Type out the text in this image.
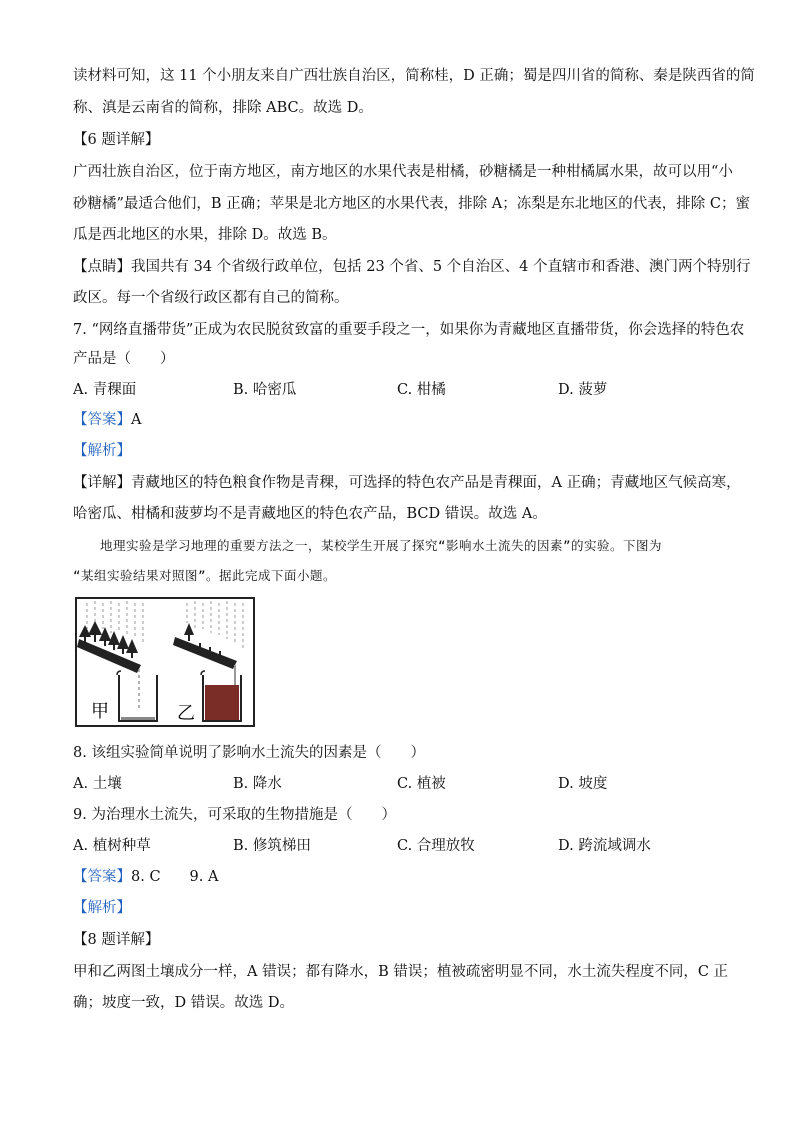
读材料可知，这 11 个小朋友来自广西壮族自治区，简称桂，D 正确；蜀是四川省的简称、秦是陕西省的简
称、滇是云南省的简称，排除 ABC。故选 D。
【6 题详解】
广西壮族自治区，位于南方地区，南方地区的水果代表是柑橘，砂糖橘是一种柑橘属水果，故可以用“小
砂糖橘”最适合他们，B 正确；苹果是北方地区的水果代表，排除 A；冻梨是东北地区的代表，排除 C；蜜
瓜是西北地区的水果，排除 D。故选 B。
【点睛】我国共有 34 个省级行政单位，包括 23 个省、5 个自治区、4 个直辖市和香港、澳门两个特别行
政区。每一个省级行政区都有自己的简称。
7. “网络直播带货”正成为农民脱贫致富的重要手段之一，如果你为青藏地区直播带货，你会选择的特色农
产品是（　　）
A. 青稞面	B. 哈密瓜	C. 柑橘	D. 菠萝
【答案】A
【解析】
【详解】青藏地区的特色粮食作物是青稞，可选择的特色农产品是青稞面，A 正确；青藏地区气候高寒，
哈密瓜、柑橘和菠萝均不是青藏地区的特色农产品，BCD 错误。故选 A。
地理实验是学习地理的重要方法之一，某校学生开展了探究“影响水土流失的因素”的实验。下图为
“某组实验结果对照图”。据此完成下面小题。
甲	乙
8. 该组实验简单说明了影响水土流失的因素是（　　）
A. 土壤	B. 降水	C. 植被	D. 坡度
9. 为治理水土流失，可采取的生物措施是（　　）
A. 植树种草	B. 修筑梯田	C. 合理放牧	D. 跨流域调水
【答案】8. C　　9. A
【解析】
【8 题详解】
甲和乙两图土壤成分一样，A 错误；都有降水，B 错误；植被疏密明显不同，水土流失程度不同，C 正
确；坡度一致，D 错误。故选 D。
